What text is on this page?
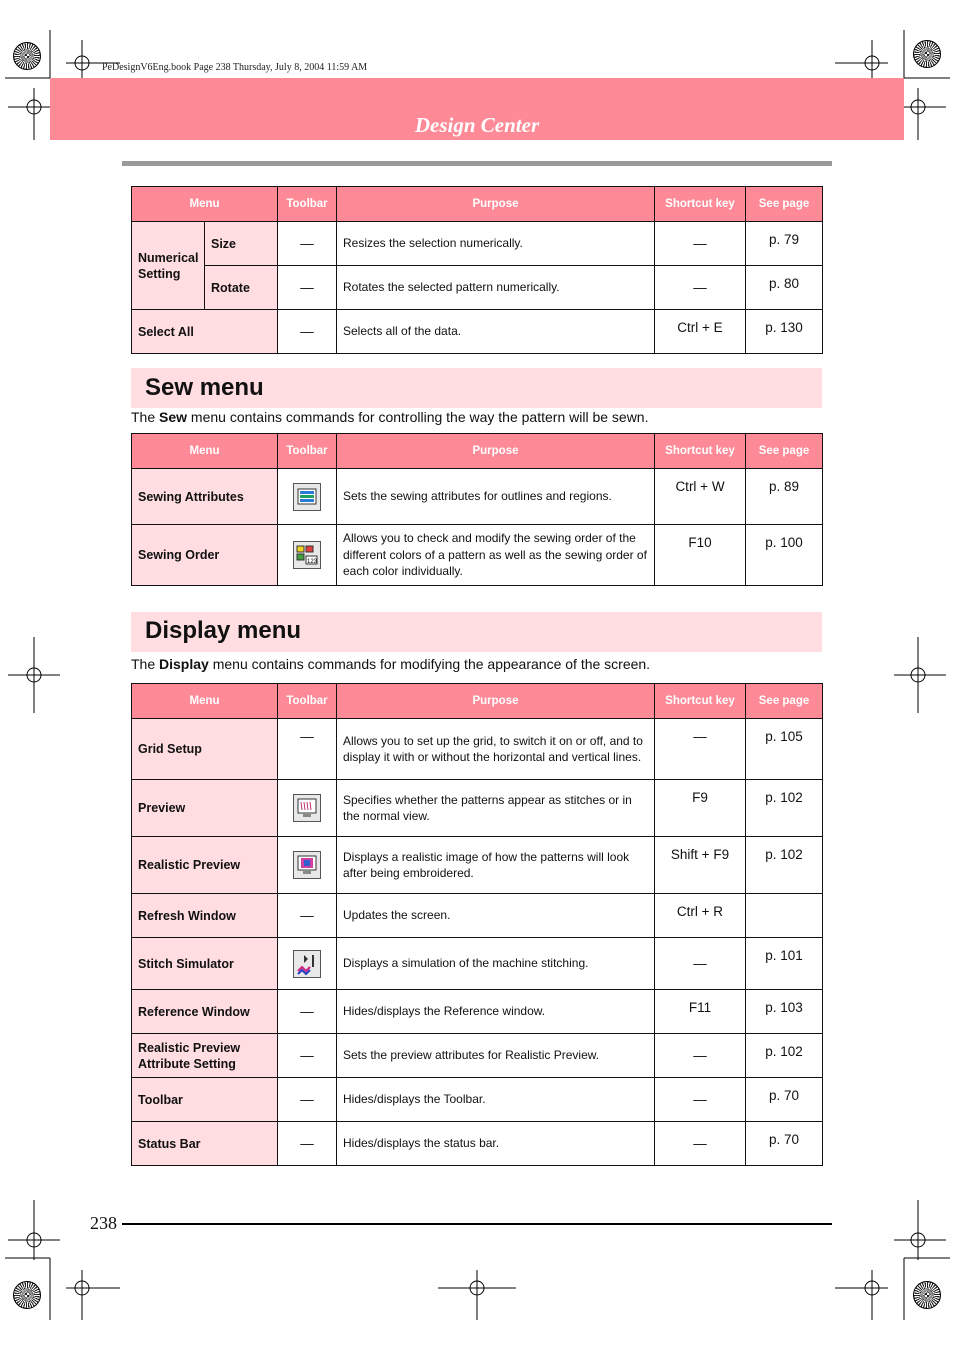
PeDesignV6Eng.book Page 238 Thursday, July 8, 2004 11:59 AM
Design Center
Menu		Toolbar	Purpose	Shortcut key	See page
Numerical Setting	Size	—	Resizes the selection numerically.	—	p. 79
	Rotate	—	Rotates the selected pattern numerically.	—	p. 80
Select All		—	Selects all of the data.	Ctrl + E	p. 130
Sew menu
The Sew menu contains commands for controlling the way the pattern will be sewn.
Menu	Toolbar	Purpose	Shortcut key	See page
Sewing Attributes		Sets the sewing attributes for outlines and regions.	Ctrl + W	p. 89
Sewing Order	123	Allows you to check and modify the sewing order of the different colors of a pattern as well as the sewing order of each color individually.	F10	p. 100
Display menu
The Display menu contains commands for modifying the appearance of the screen.
Menu	Toolbar	Purpose	Shortcut key	See page
Grid Setup	—	Allows you to set up the grid, to switch it on or off, and to display it with or without the horizontal and vertical lines.	—	p. 105
Preview		Specifies whether the patterns appear as stitches or in the normal view.	F9	p. 102
Realistic Preview		Displays a realistic image of how the patterns will look after being embroidered.	Shift + F9	p. 102
Refresh Window	—	Updates the screen.	Ctrl + R	
Stitch Simulator		Displays a simulation of the machine stitching.	—	p. 101
Reference Window	—	Hides/displays the Reference window.	F11	p. 103
Realistic Preview Attribute Setting	—	Sets the preview attributes for Realistic Preview.	—	p. 102
Toolbar	—	Hides/displays the Toolbar.	—	p. 70
Status Bar	—	Hides/displays the status bar.	—	p. 70
238
